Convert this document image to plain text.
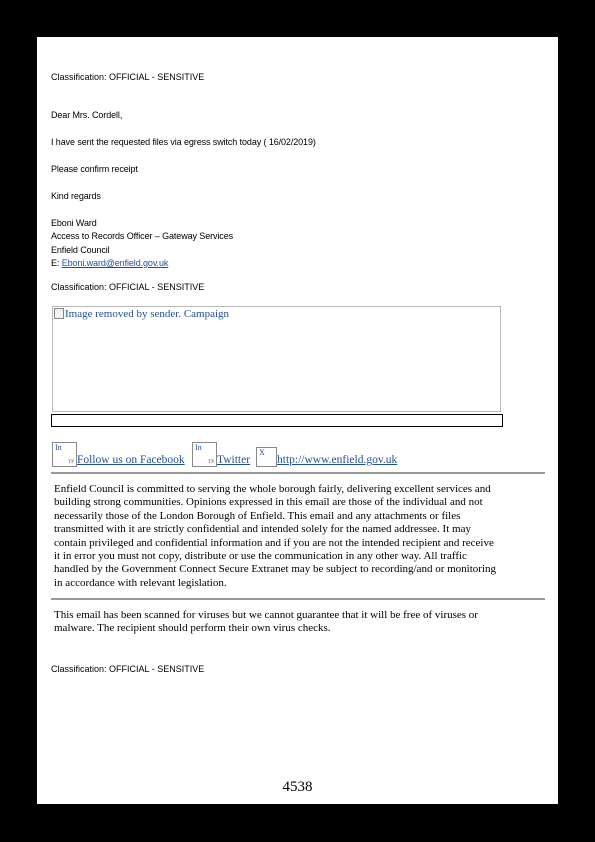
Classification: OFFICIAL - SENSITIVE
Dear Mrs. Cordell,
I have sent the requested files via egress switch today ( 16/02/2019)
Please confirm receipt
Kind regards
Eboni Ward
Access to Records Officer – Gateway Services
Enfield Council
E: Eboni.ward@enfield.gov.uk
Classification: OFFICIAL - SENSITIVE
Image removed by sender. Campaign
In
TP Follow us on Facebook
In
TP Twitter
X
http://www.enfield.gov.uk
Enfield Council is committed to serving the whole borough fairly, delivering excellent services and
building strong communities. Opinions expressed in this email are those of the individual and not
necessarily those of the London Borough of Enfield. This email and any attachments or files
transmitted with it are strictly confidential and intended solely for the named addressee. It may
contain privileged and confidential information and if you are not the intended recipient and receive
it in error you must not copy, distribute or use the communication in any other way. All traffic
handled by the Government Connect Secure Extranet may be subject to recording/and or monitoring
in accordance with relevant legislation.
This email has been scanned for viruses but we cannot guarantee that it will be free of viruses or
malware. The recipient should perform their own virus checks.
Classification: OFFICIAL - SENSITIVE
4538
